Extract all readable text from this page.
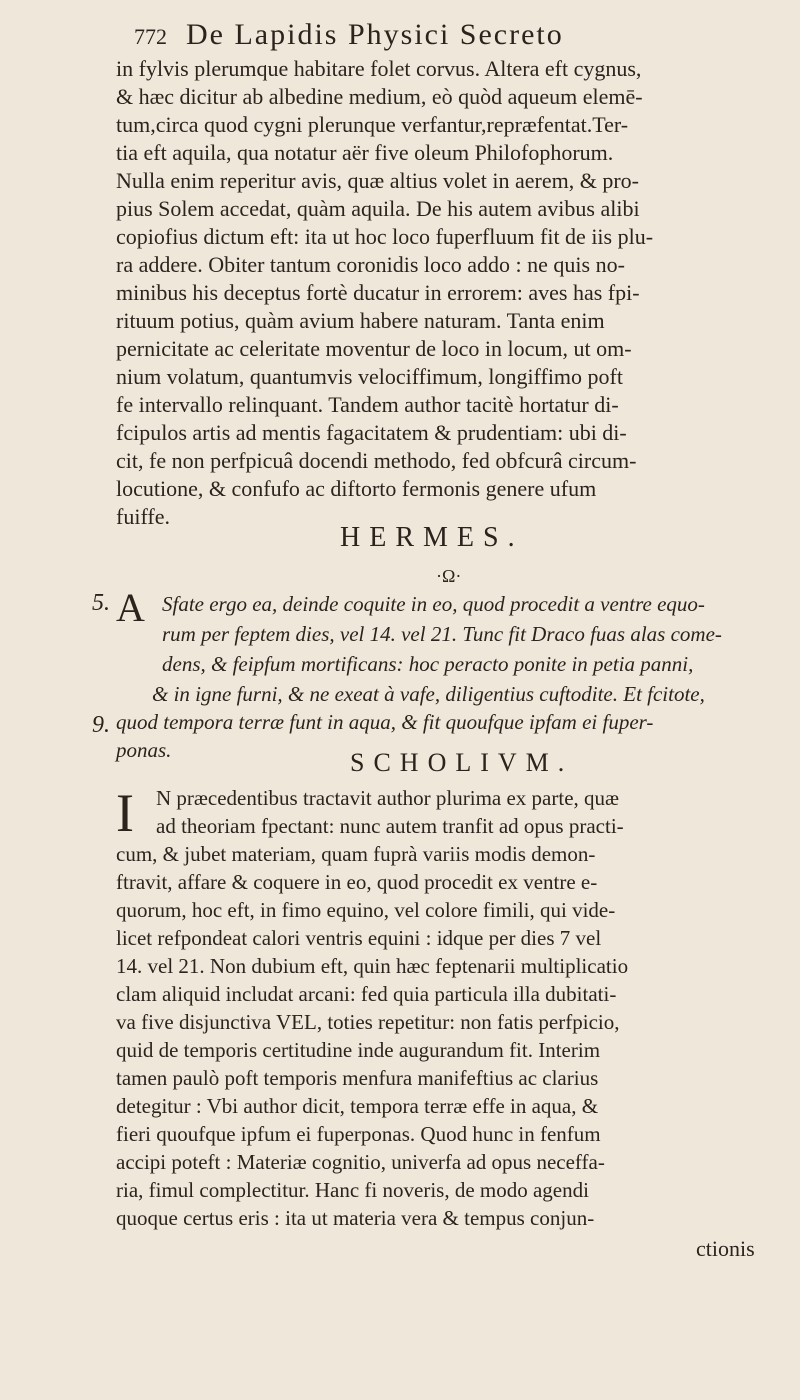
772 De Lapidis Physici Secreto
in fylvis plerumque habitare folet corvus. Altera eft cygnus,
& hæc dicitur ab albedine medium, eò quòd aqueum elemē-
tum,circa quod cygni plerunque verfantur,repræfentat.Ter-
tia eft aquila, qua notatur aër five oleum Philofophorum.
Nulla enim reperitur avis, quæ altius volet in aerem, & pro-
pius Solem accedat, quàm aquila. De his autem avibus alibi
copiofius dictum eft: ita ut hoc loco fuperfluum fit de iis plu-
ra addere. Obiter tantum coronidis loco addo : ne quis no-
minibus his deceptus fortè ducatur in errorem: aves has fpi-
rituum potius, quàm avium habere naturam. Tanta enim
pernicitate ac celeritate moventur de loco in locum, ut om-
nium volatum, quantumvis velociffimum, longiffimo poft
fe intervallo relinquant. Tandem author tacitè hortatur di-
fcipulos artis ad mentis fagacitatem & prudentiam: ubi di-
cit, fe non perfpicuâ docendi methodo, fed obfcurâ circum-
locutione, & confufo ac diftorto fermonis genere ufum
fuiffe.
HERMES.
·Ω·
5.
9.
A Sfate ergo ea, deinde coquite in eo, quod procedit a ventre equo-
rum per feptem dies, vel 14. vel 21. Tunc fit Draco fuas alas come-
dens, & feipfum mortificans: hoc peracto ponite in petia panni,
& in igne furni, & ne exeat à vafe, diligentius cuftodite. Et fcitote,
quod tempora terræ funt in aqua, & fit quoufque ipfam ei fuper-
ponas.	SCHOLIVM.
I N præcedentibus tractavit author plurima ex parte, quæ
ad theoriam fpectant: nunc autem tranfit ad opus practi-
cum, & jubet materiam, quam fuprà variis modis demon-
ftravit, affare & coquere in eo, quod procedit ex ventre e-
quorum, hoc eft, in fimo equino, vel colore fimili, qui vide-
licet refpondeat calori ventris equini : idque per dies 7 vel
14. vel 21. Non dubium eft, quin hæc feptenarii multiplicatio
clam aliquid includat arcani: fed quia particula illa dubitati-
va five disjunctiva VEL, toties repetitur: non fatis perfpicio,
quid de temporis certitudine inde augurandum fit. Interim
tamen paulò poft temporis menfura manifeftius ac clarius
detegitur : Vbi author dicit, tempora terræ effe in aqua, &
fieri quoufque ipfum ei fuperponas. Quod hunc in fenfum
accipi poteft : Materiæ cognitio, univerfa ad opus neceffa-
ria, fimul complectitur. Hanc fi noveris, de modo agendi
quoque certus eris : ita ut materia vera & tempus conjun-
ctionis
